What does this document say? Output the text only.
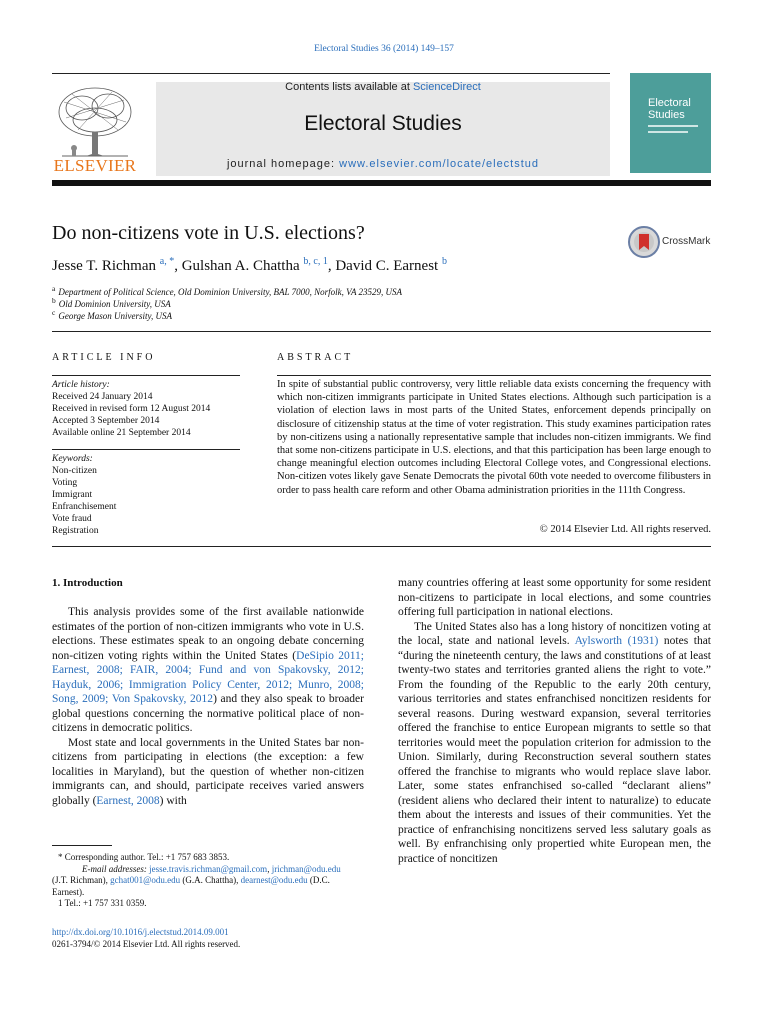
Electoral Studies 36 (2014) 149–157
ELSEVIER
Contents lists available at ScienceDirect
Electoral Studies
journal homepage: www.elsevier.com/locate/electstud
Electoral
Studies
Do non-citizens vote in U.S. elections?	CrossMark
Jesse T. Richman $^{a, *}$, Gulshan A. Chattha $^{b, c, 1}$, David C. Earnest $^b$
$^a$ Department of Political Science, Old Dominion University, BAL 7000, Norfolk, VA 23529, USA
$^b$ Old Dominion University, USA
$^c$ George Mason University, USA
ARTICLE INFO
Article history:
Received 24 January 2014
Received in revised form 12 August 2014
Accepted 3 September 2014
Available online 21 September 2014
Keywords:
Non-citizen
Voting
Immigrant
Enfranchisement
Vote fraud
Registration
ABSTRACT
In spite of substantial public controversy, very little reliable data exists concerning the frequency with which non-citizen immigrants participate in United States elections. Although such participation is a violation of election laws in most parts of the United States, enforcement depends principally on disclosure of citizenship status at the time of voter registration. This study examines participation rates by non-citizens using a nationally representative sample that includes non-citizen immigrants. We find that some non-citizens participate in U.S. elections, and that this participation has been large enough to change meaningful election outcomes including Electoral College votes, and Congressional elections. Non-citizen votes likely gave Senate Democrats the pivotal 60th vote needed to overcome filibusters in order to pass health care reform and other Obama administration priorities in the 111th Congress.
© 2014 Elsevier Ltd. All rights reserved.
1. Introduction

This analysis provides some of the first available nationwide estimates of the portion of non-citizen immigrants who vote in U.S. elections. These estimates speak to an ongoing debate concerning non-citizen voting rights within the United States (DeSipio 2011; Earnest, 2008; FAIR, 2004; Fund and von Spakovsky, 2012; Hayduk, 2006; Immigration Policy Center, 2012; Munro, 2008; Song, 2009; Von Spakovsky, 2012) and they also speak to broader global questions concerning the normative political place of non-citizens in democratic politics.

Most state and local governments in the United States bar non-citizens from participating in elections (the exception: a few localities in Maryland), but the question of whether non-citizen immigrants can, and should, participate receives varied answers globally (Earnest, 2008) with

many countries offering at least some opportunity for some resident non-citizens to participate in local elections, and some countries offering full participation in national elections.

The United States also has a long history of noncitizen voting at the local, state and national levels. Aylsworth (1931) notes that “during the nineteenth century, the laws and constitutions of at least twenty-two states and territories granted aliens the right to vote.” From the founding of the Republic to the early 20th century, various territories and states enfranchised noncitizen residents for several reasons. During westward expansion, several territories offered the franchise to entice European migrants to settle so that territories would meet the population criterion for admission to the Union. Similarly, during Reconstruction several southern states offered the franchise to migrants who would replace slave labor. Later, some states enfranchised so-called “declarant aliens” (resident aliens who declared their intent to naturalize) to educate them about the interests and issues of their communities. Yet the practice of enfranchising noncitizens served less salutary goals as well. By enfranchising only propertied white European men, the practice of noncitizen

* Corresponding author. Tel.: +1 757 683 3853.
E-mail addresses: jesse.travis.richman@gmail.com, jrichman@odu.edu
(J.T. Richman), gchat001@odu.edu (G.A. Chattha), dearnest@odu.edu (D.C. Earnest).
1 Tel.: +1 757 331 0359.
http://dx.doi.org/10.1016/j.electstud.2014.09.001
0261-3794/© 2014 Elsevier Ltd. All rights reserved.
